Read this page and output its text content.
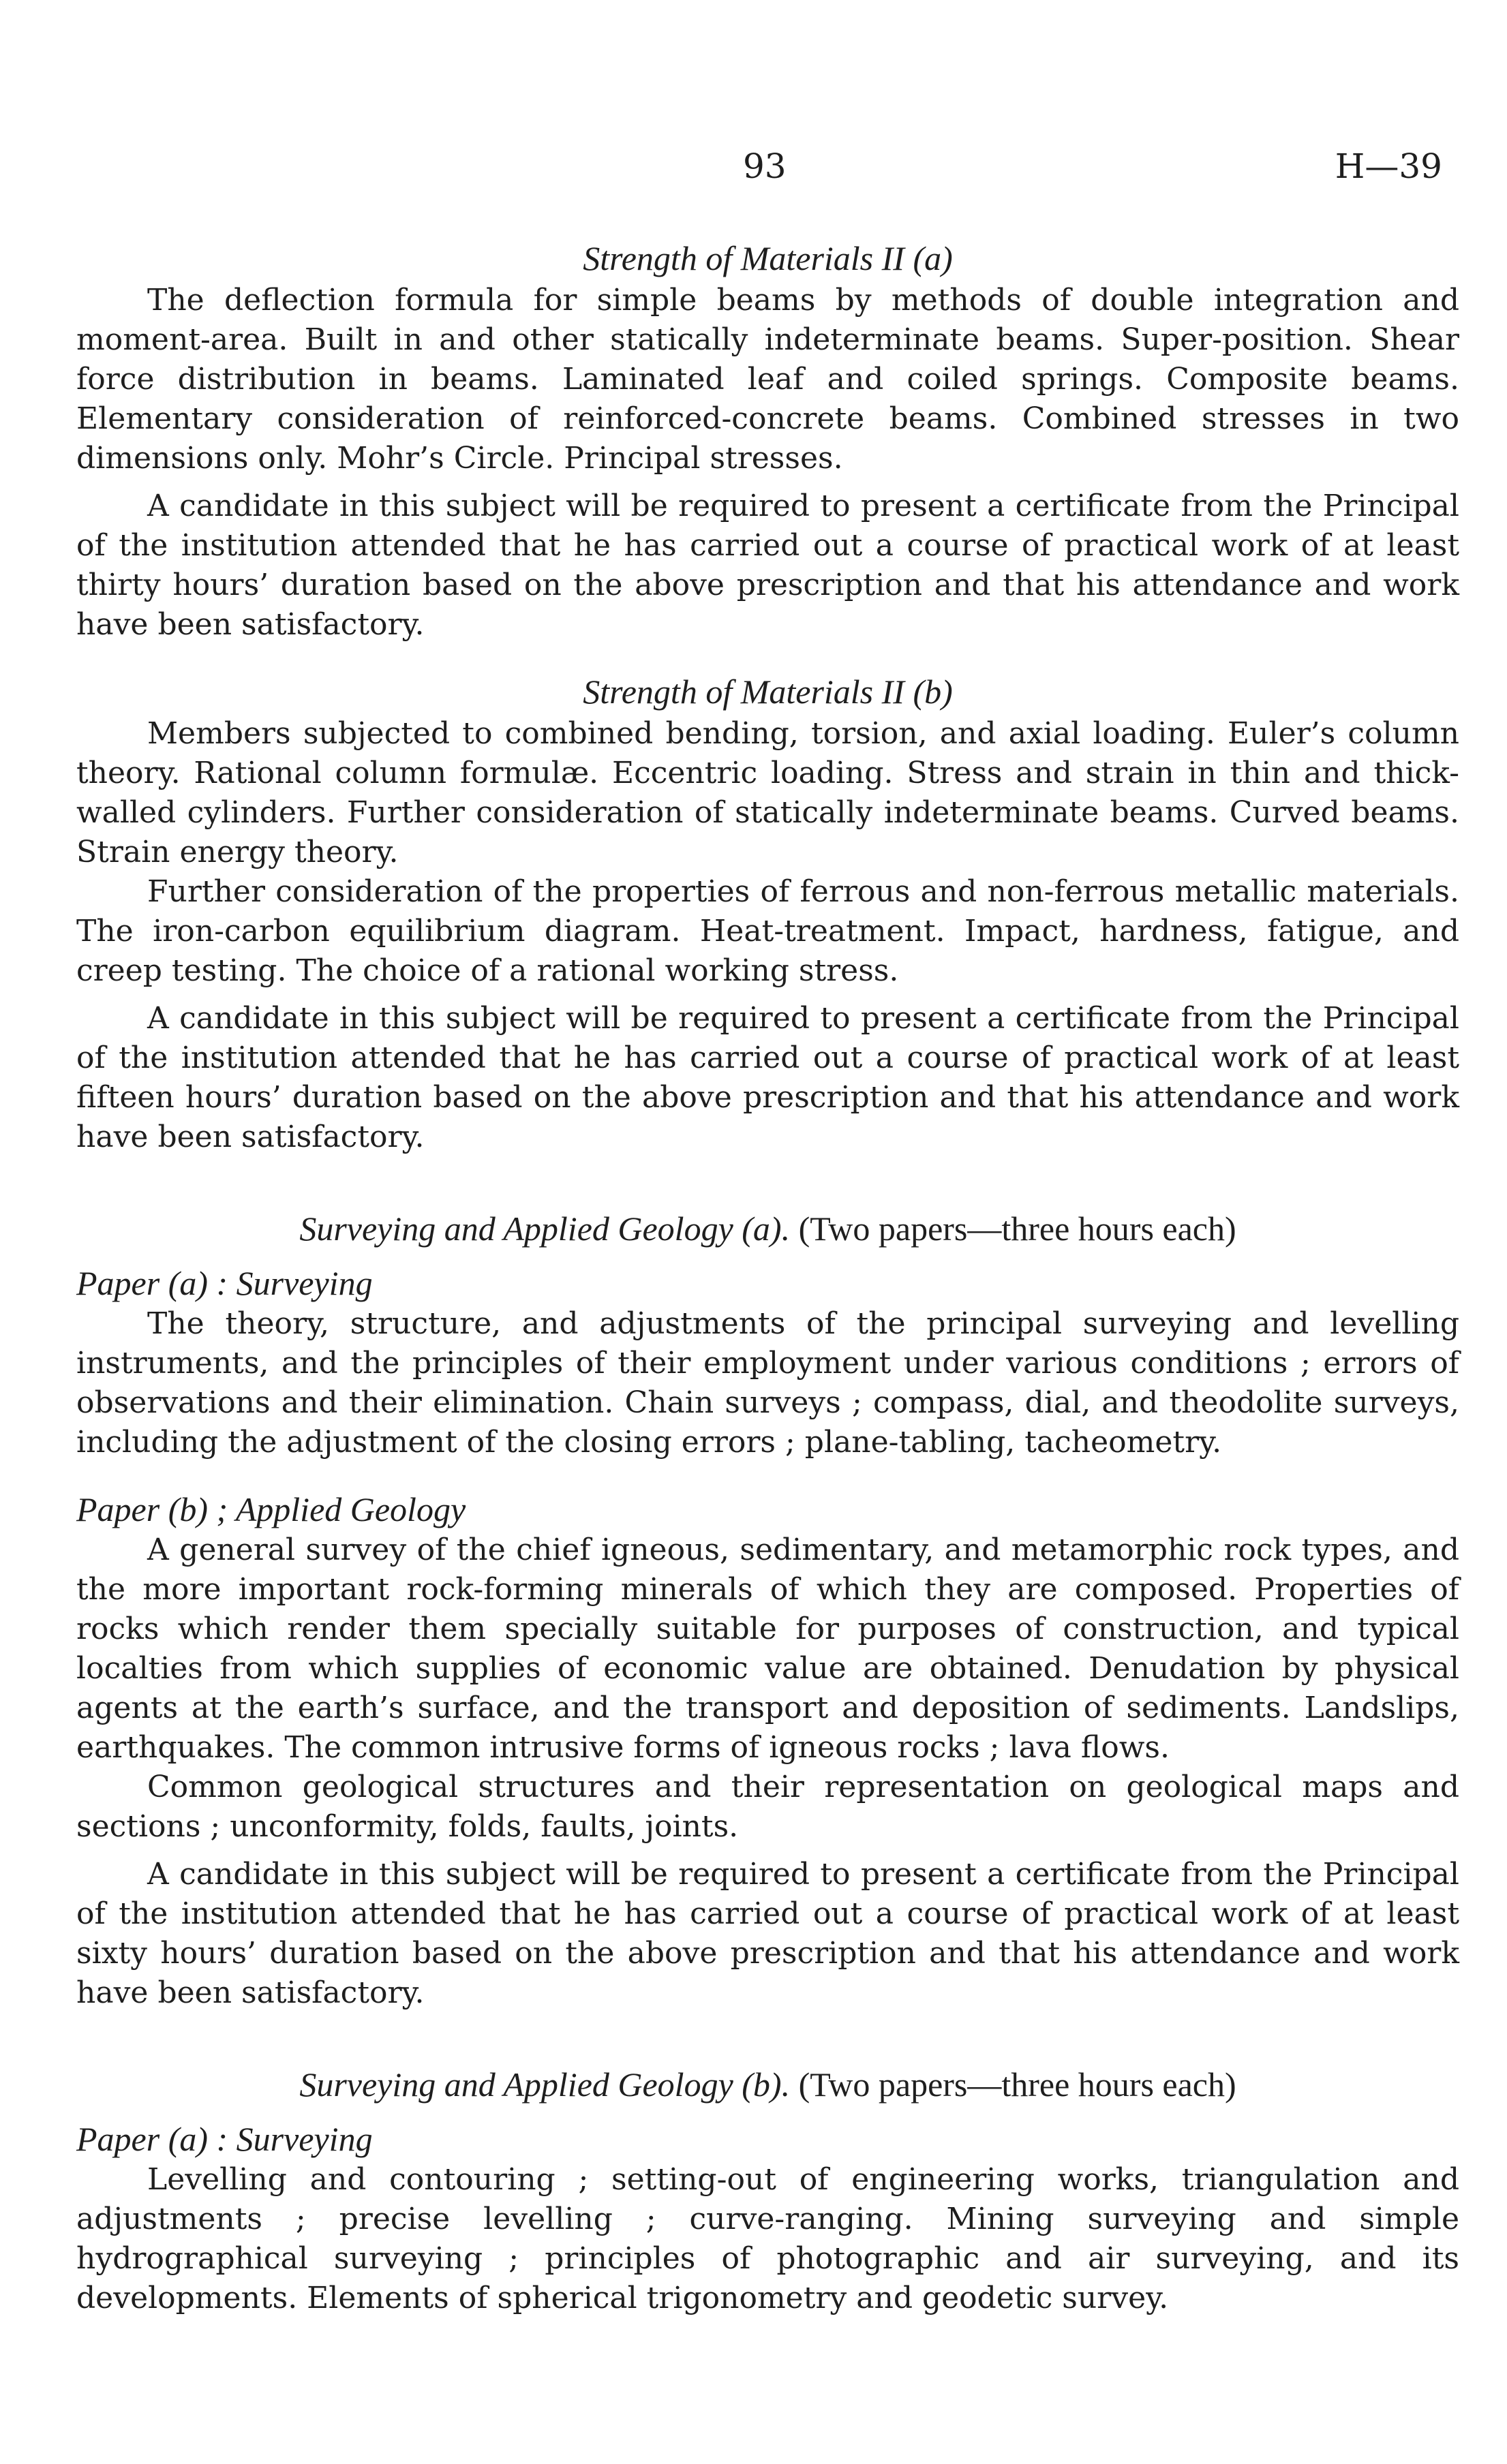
93	H—39
Strength of Materials II (a)

The deflection formula for simple beams by methods of double integration and moment-area. Built in and other statically indeterminate beams. Super-position. Shear force distribution in beams. Laminated leaf and coiled springs. Composite beams. Elementary consideration of reinforced-concrete beams. Combined stresses in two dimensions only. Mohr’s Circle. Principal stresses.

A candidate in this subject will be required to present a certificate from the Principal of the institution attended that he has carried out a course of practical work of at least thirty hours’ duration based on the above prescription and that his attendance and work have been satisfactory.

Strength of Materials II (b)

Members subjected to combined bending, torsion, and axial loading. Euler’s column theory. Rational column formulæ. Eccentric loading. Stress and strain in thin and thick-walled cylinders. Further consideration of statically indeterminate beams. Curved beams. Strain energy theory.

Further consideration of the properties of ferrous and non-ferrous metallic materials. The iron-carbon equilibrium diagram. Heat-treatment. Impact, hardness, fatigue, and creep testing. The choice of a rational working stress.

A candidate in this subject will be required to present a certificate from the Principal of the institution attended that he has carried out a course of practical work of at least fifteen hours’ duration based on the above prescription and that his attendance and work have been satisfactory.

Surveying and Applied Geology (a). (Two papers—three hours each)
Paper (a) : Surveying

The theory, structure, and adjustments of the principal surveying and levelling instruments, and the principles of their employment under various conditions ; errors of observations and their elimination. Chain surveys ; compass, dial, and theodolite surveys, including the adjustment of the closing errors ; plane-tabling, tacheometry.

Paper (b) ; Applied Geology

A general survey of the chief igneous, sedimentary, and metamorphic rock types, and the more important rock-forming minerals of which they are composed. Properties of rocks which render them specially suitable for purposes of construction, and typical localties from which supplies of economic value are obtained. Denudation by physical agents at the earth’s surface, and the transport and deposition of sediments. Landslips, earthquakes. The common intrusive forms of igneous rocks ; lava flows.

Common geological structures and their representation on geological maps and sections ; unconformity, folds, faults, joints.

A candidate in this subject will be required to present a certificate from the Principal of the institution attended that he has carried out a course of practical work of at least sixty hours’ duration based on the above prescription and that his attendance and work have been satisfactory.

Surveying and Applied Geology (b). (Two papers—three hours each)
Paper (a) : Surveying

Levelling and contouring ; setting-out of engineering works, triangulation and adjustments ; precise levelling ; curve-ranging. Mining surveying and simple hydrographical surveying ; principles of photographic and air surveying, and its developments. Elements of spherical trigonometry and geodetic survey.
